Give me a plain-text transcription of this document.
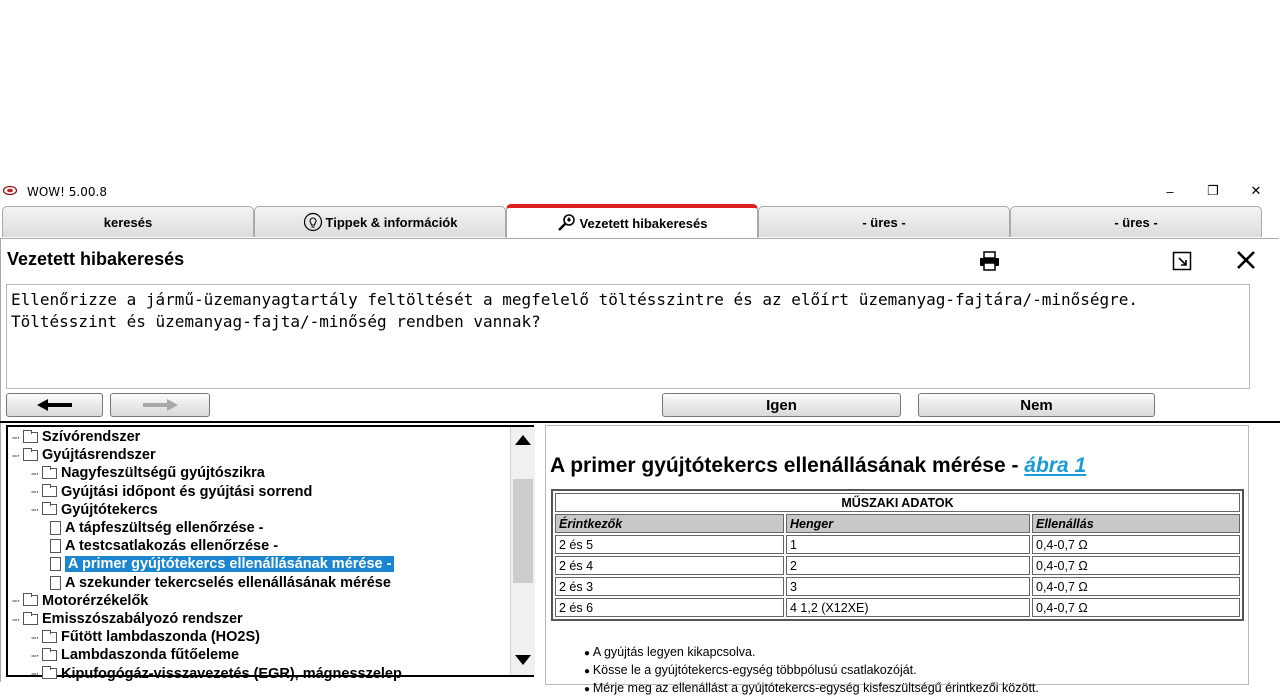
WOW! 5.00.8	–	❐	✕
keresés	Tippek & információk	Vezetett hibakeresés	- üres -	- üres -
Vezetett hibakeresés
Ellenőrizze a jármű-üzemanyagtartály feltöltését a megfelelő töltésszintre és az előírt üzemanyag-fajtára/-minőségre.
Töltésszint és üzemanyag-fajta/-minőség rendben vannak?
Igen	Nem
−· Szívórendszer
−· Gyújtásrendszer
−· Nagyfeszültségű gyújtószikra
−· Gyújtási időpont és gyújtási sorrend
−· Gyújtótekercs
A tápfeszültség ellenőrzése -
A testcsatlakozás ellenőrzése -
A primer gyújtótekercs ellenállásának mérése -
A szekunder tekercselés ellenállásának mérése
−· Motorérzékelők
−· Emisszószabályozó rendszer
−· Fűtött lambdaszonda (HO2S)
−· Lambdaszonda fűtőeleme
−· Kipufogógáz-visszavezetés (EGR), mágnesszelep
A primer gyújtótekercs ellenállásának mérése - ábra 1
MŰSZAKI ADATOK		
Érintkezők	Henger	Ellenállás
2 és 5	1	0,4-0,7 Ω
2 és 4	2	0,4-0,7 Ω
2 és 3	3	0,4-0,7 Ω
2 és 6	4 1,2 (X12XE)	0,4-0,7 Ω
● A gyújtás legyen kikapcsolva.
● Kösse le a gyújtótekercs-egység többpólusú csatlakozóját.
● Mérje meg az ellenállást a gyújtótekercs-egység kisfeszültségű érintkezői között.
